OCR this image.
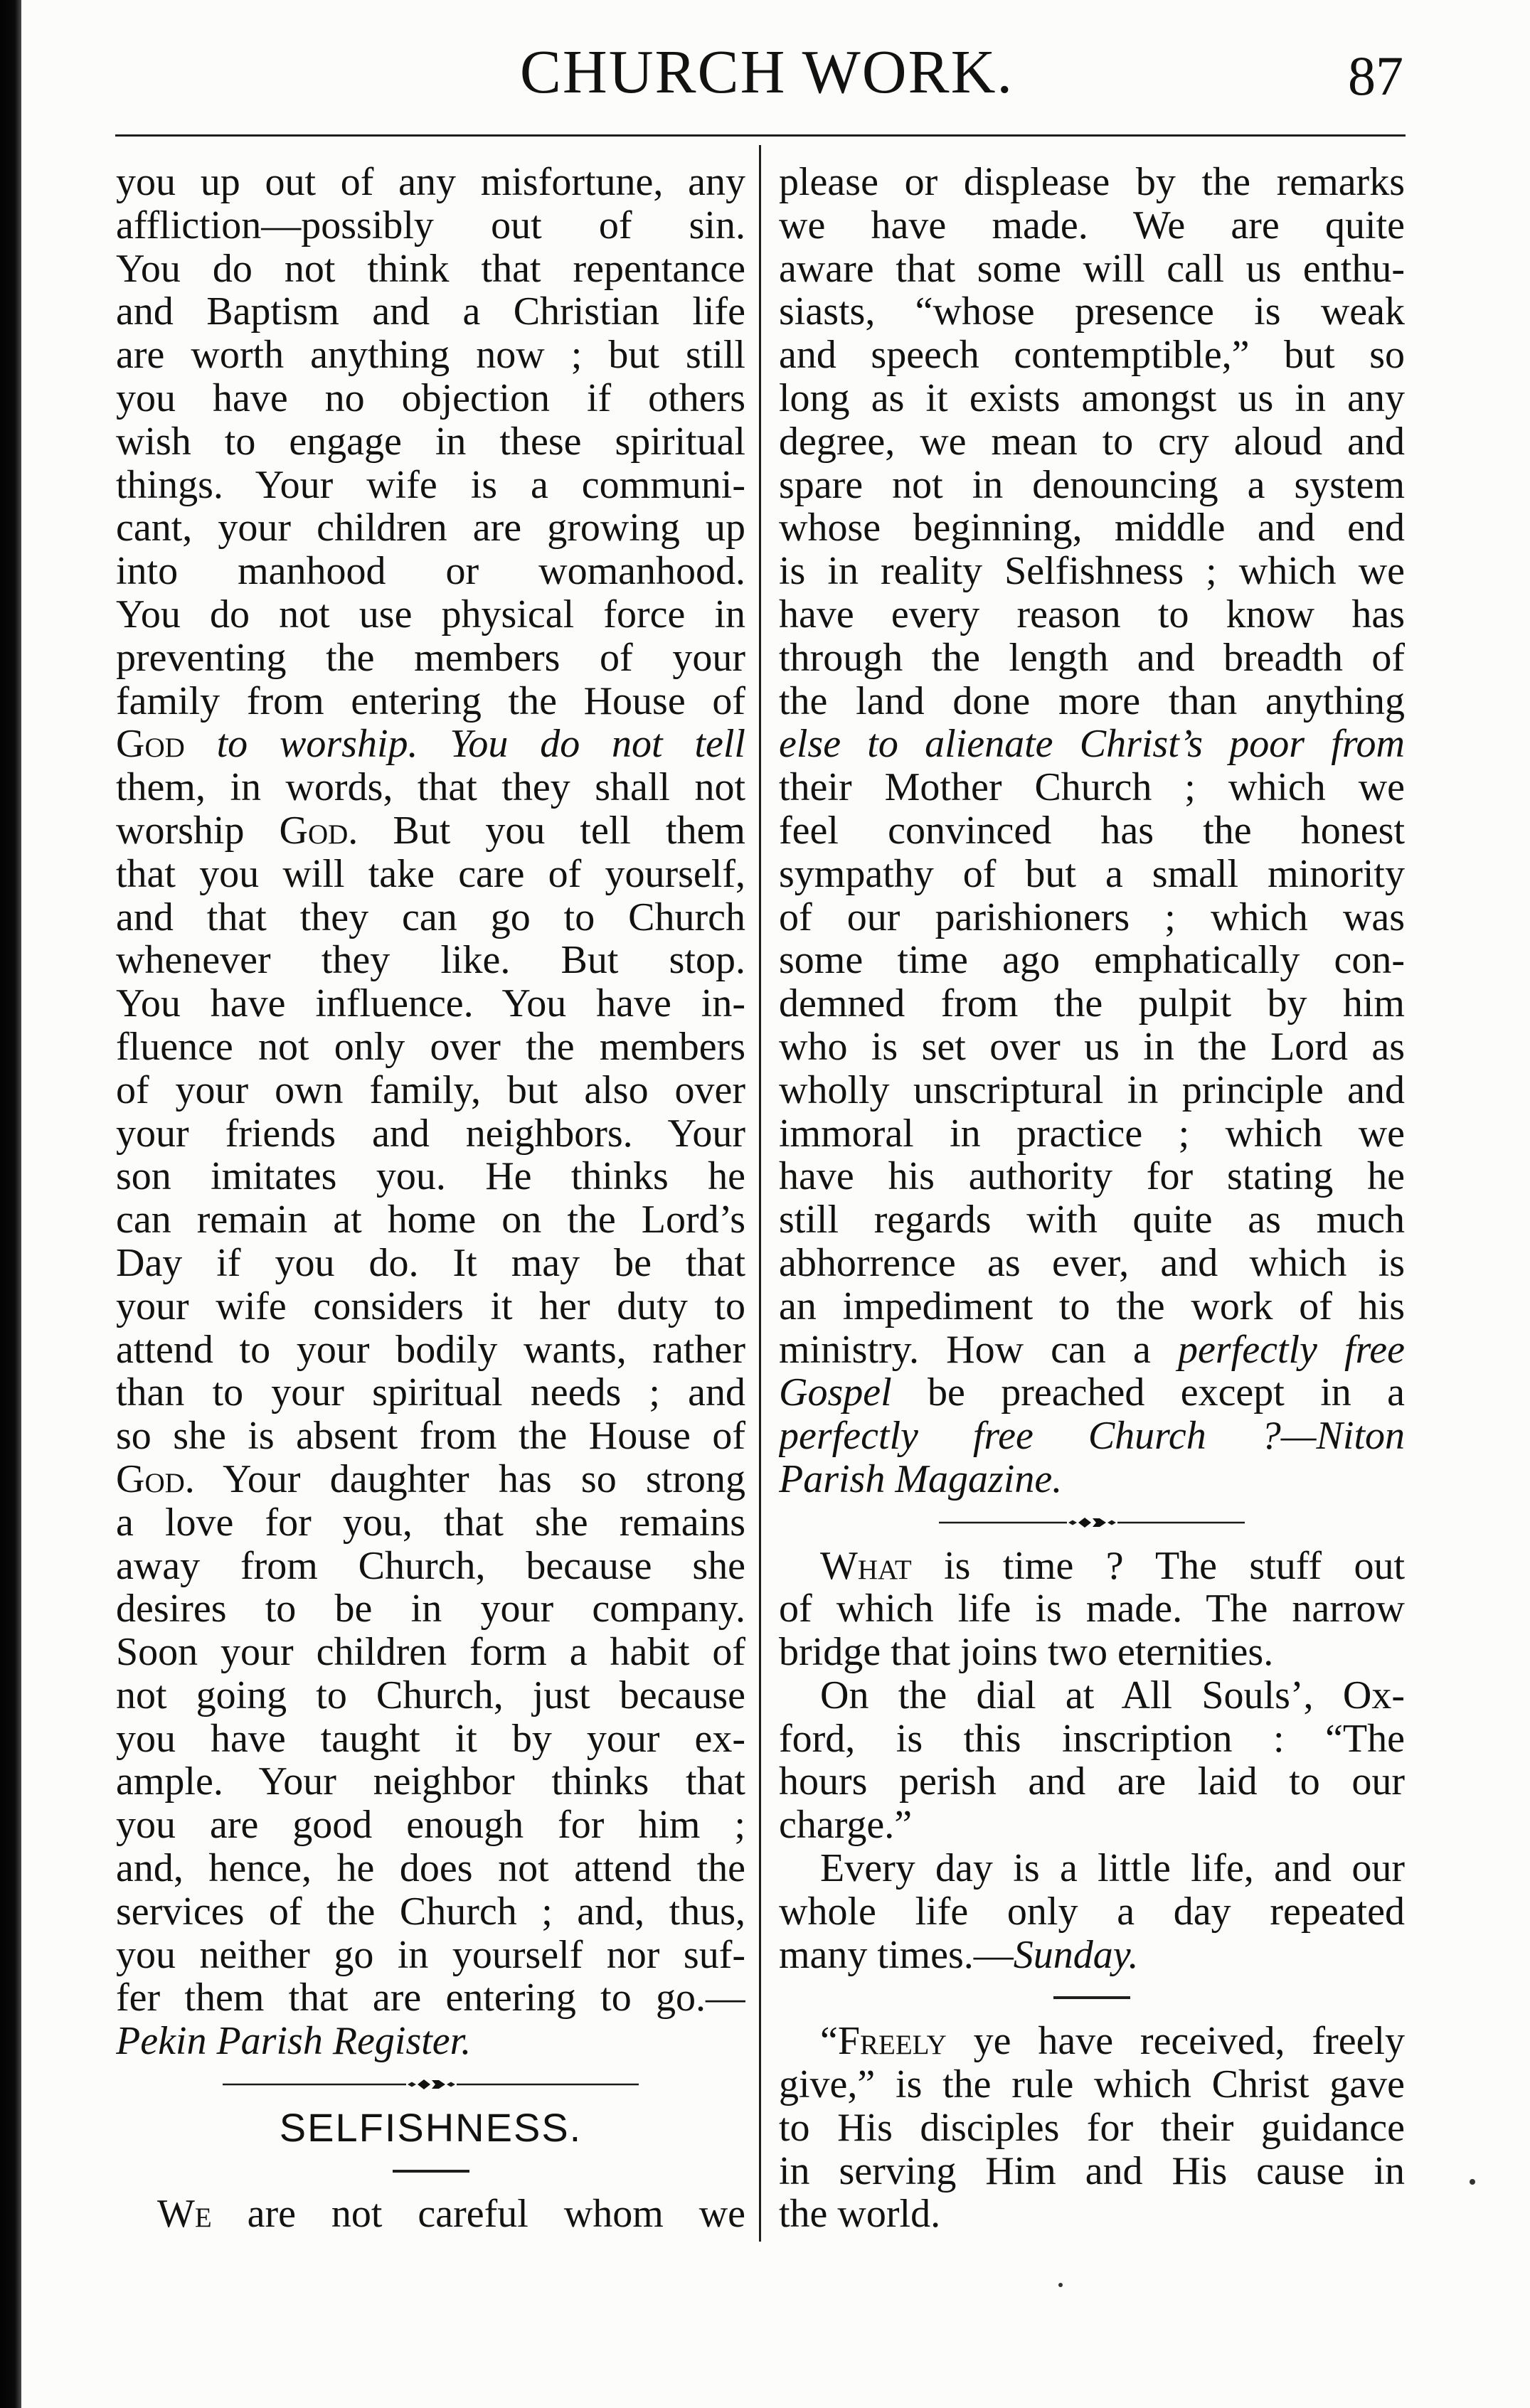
CHURCH WORK.	87
you up out of any misfortune, any
affliction—possibly out of sin.
You do not think that repentance
and Baptism and a Christian life
are worth anything now ; but still
you have no objection if others
wish to engage in these spiritual
things. Your wife is a communi-
cant, your children are growing up
into manhood or womanhood.
You do not use physical force in
preventing the members of your
family from entering the House of
God to worship. You do not tell
them, in words, that they shall not
worship God. But you tell them
that you will take care of yourself,
and that they can go to Church
whenever they like. But stop.
You have influence. You have in-
fluence not only over the members
of your own family, but also over
your friends and neighbors. Your
son imitates you. He thinks he
can remain at home on the Lord’s
Day if you do. It may be that
your wife considers it her duty to
attend to your bodily wants, rather
than to your spiritual needs ; and
so she is absent from the House of
God. Your daughter has so strong
a love for you, that she remains
away from Church, because she
desires to be in your company.
Soon your children form a habit of
not going to Church, just because
you have taught it by your ex-
ample. Your neighbor thinks that
you are good enough for him ;
and, hence, he does not attend the
services of the Church ; and, thus,
you neither go in yourself nor suf-
fer them that are entering to go.—
Pekin Parish Register.
SELFISHNESS.
We are not careful whom we
please or displease by the remarks
we have made. We are quite
aware that some will call us enthu-
siasts, “whose presence is weak
and speech contemptible,” but so
long as it exists amongst us in any
degree, we mean to cry aloud and
spare not in denouncing a system
whose beginning, middle and end
is in reality Selfishness ; which we
have every reason to know has
through the length and breadth of
the land done more than anything
else to alienate Christ’s poor from
their Mother Church ; which we
feel convinced has the honest
sympathy of but a small minority
of our parishioners ; which was
some time ago emphatically con-
demned from the pulpit by him
who is set over us in the Lord as
wholly unscriptural in principle and
immoral in practice ; which we
have his authority for stating he
still regards with quite as much
abhorrence as ever, and which is
an impediment to the work of his
ministry. How can a perfectly free
Gospel be preached except in a
perfectly free Church ?—Niton
Parish Magazine.
What is time ? The stuff out
of which life is made. The narrow
bridge that joins two eternities.
On the dial at All Souls’, Ox-
ford, is this inscription : “The
hours perish and are laid to our
charge.”
Every day is a little life, and our
whole life only a day repeated
many times.—Sunday.
“Freely ye have received, freely
give,” is the rule which Christ gave
to His disciples for their guidance
in serving Him and His cause in
the world.
